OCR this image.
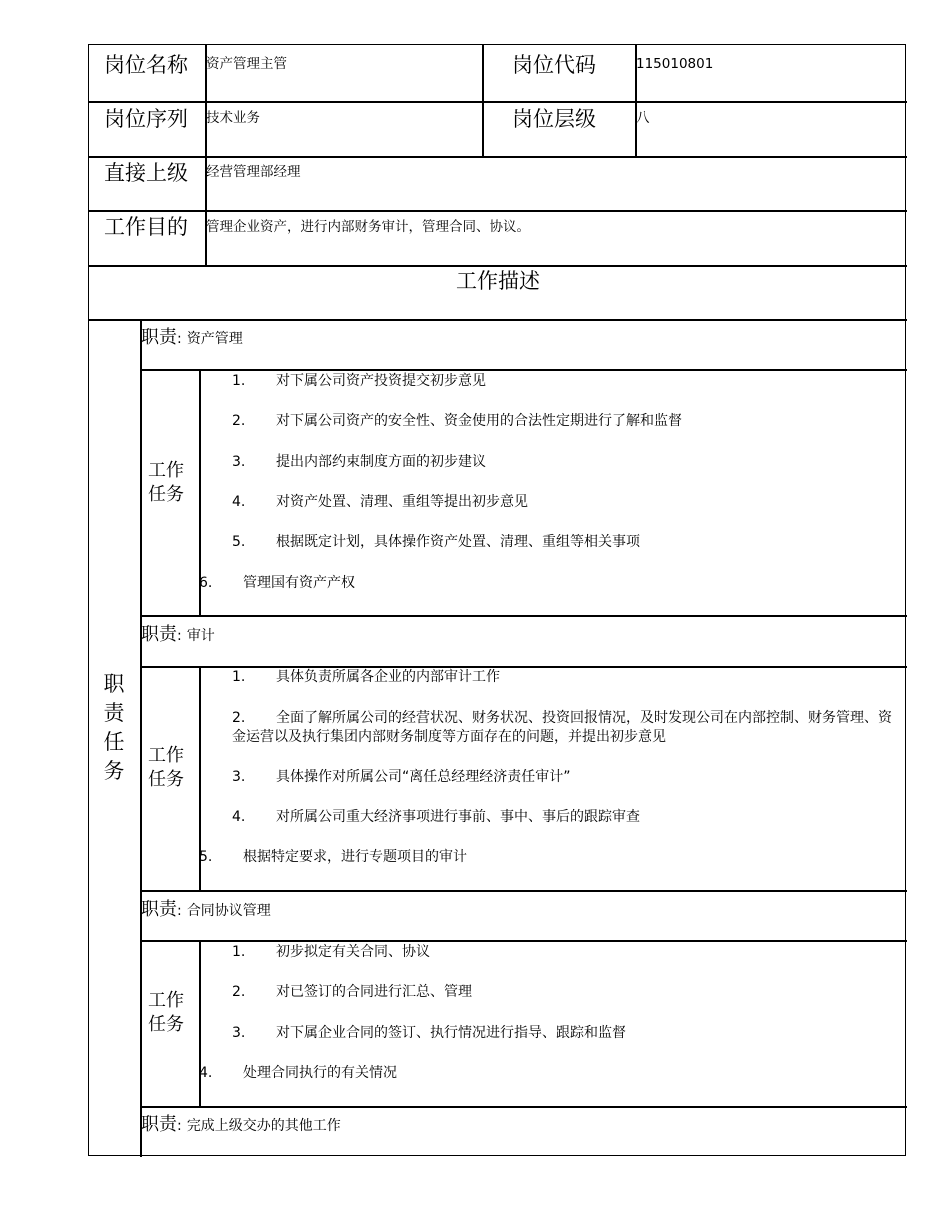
岗位名称 资产管理主管	岗位代码	115010801
岗位序列 技术业务	岗位层级	八
直接上级 经营管理部经理
工作目的 管理企业资产，进行内部财务审计，管理合同、协议。
工作描述
职
责
任
务
职责: 资产管理
工作
任务
1. 对下属公司资产投资提交初步意见
2. 对下属公司资产的安全性、资金使用的合法性定期进行了解和监督
3. 提出内部约束制度方面的初步建议
4. 对资产处置、清理、重组等提出初步意见
5. 根据既定计划，具体操作资产处置、清理、重组等相关事项
6. 管理国有资产产权
职责: 审计
工作
任务
1. 具体负责所属各企业的内部审计工作
2. 全面了解所属公司的经营状况、财务状况、投资回报情况，及时发现公司在内部控制、财务管理、资金运营以及执行集团内部财务制度等方面存在的问题，并提出初步意见
3. 具体操作对所属公司“离任总经理经济责任审计”
4. 对所属公司重大经济事项进行事前、事中、事后的跟踪审查
5. 根据特定要求，进行专题项目的审计
职责: 合同协议管理
工作
任务
1. 初步拟定有关合同、协议
2. 对已签订的合同进行汇总、管理
3. 对下属企业合同的签订、执行情况进行指导、跟踪和监督
4. 处理合同执行的有关情况
职责: 完成上级交办的其他工作
